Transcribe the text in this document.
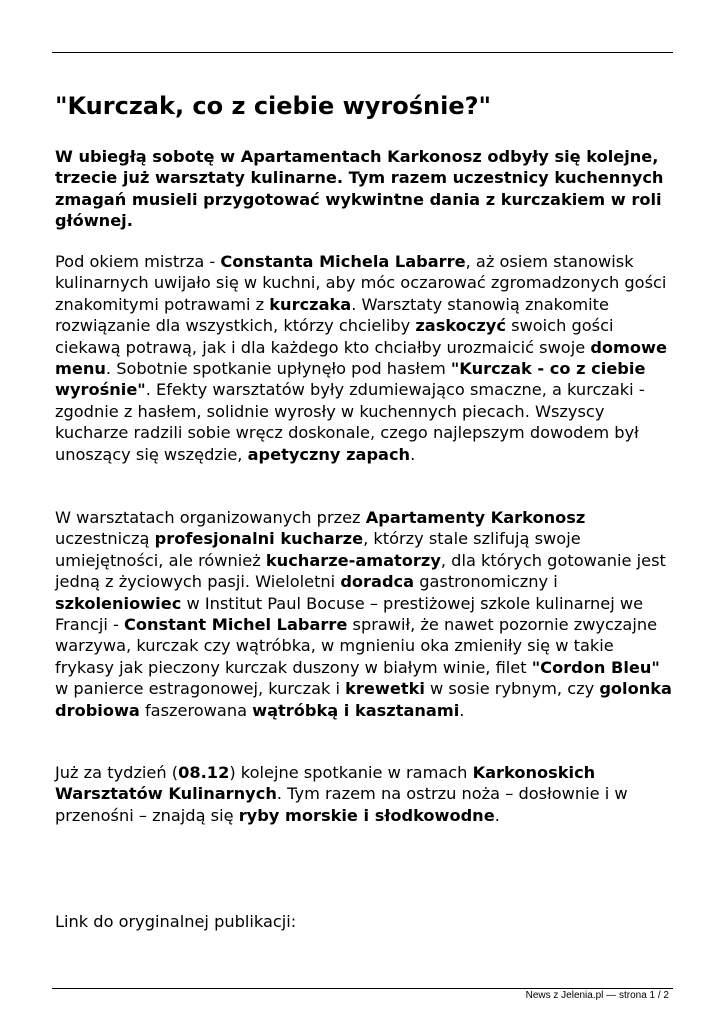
"Kurczak, co z ciebie wyrośnie?"

W ubiegłą sobotę w Apartamentach Karkonosz odbyły się kolejne, trzecie już warsztaty kulinarne. Tym razem uczestnicy kuchennych zmagań musieli przygotować wykwintne dania z kurczakiem w roli głównej.

Pod okiem mistrza - Constanta Michela Labarre, aż osiem stanowisk kulinarnych uwijało się w kuchni, aby móc oczarować zgromadzonych gości znakomitymi potrawami z kurczaka. Warsztaty stanowią znakomite rozwiązanie dla wszystkich, którzy chcieliby zaskoczyć swoich gości ciekawą potrawą, jak i dla każdego kto chciałby urozmaicić swoje domowe menu. Sobotnie spotkanie upłynęło pod hasłem "Kurczak - co z ciebie wyrośnie". Efekty warsztatów były zdumiewająco smaczne, a kurczaki - zgodnie z hasłem, solidnie wyrosły w kuchennych piecach. Wszyscy kucharze radzili sobie wręcz doskonale, czego najlepszym dowodem był unoszący się wszędzie, apetyczny zapach.

W warsztatach organizowanych przez Apartamenty Karkonosz uczestniczą profesjonalni kucharze, którzy stale szlifują swoje umiejętności, ale również kucharze-amatorzy, dla których gotowanie jest jedną z życiowych pasji. Wieloletni doradca gastronomiczny i szkoleniowiec w Institut Paul Bocuse – prestiżowej szkole kulinarnej we Francji - Constant Michel Labarre sprawił, że nawet pozornie zwyczajne warzywa, kurczak czy wątróbka, w mgnieniu oka zmieniły się w takie frykasy jak pieczony kurczak duszony w białym winie, filet "Cordon Bleu" w panierce estragonowej, kurczak i krewetki w sosie rybnym, czy golonka drobiowa faszerowana wątróbką i kasztanami.

Już za tydzień (08.12) kolejne spotkanie w ramach Karkonoskich Warsztatów Kulinarnych. Tym razem na ostrzu noża – dosłownie i w przenośni – znajdą się ryby morskie i słodkowodne.

Link do oryginalnej publikacji:

News z Jelenia.pl — strona 1 / 2
